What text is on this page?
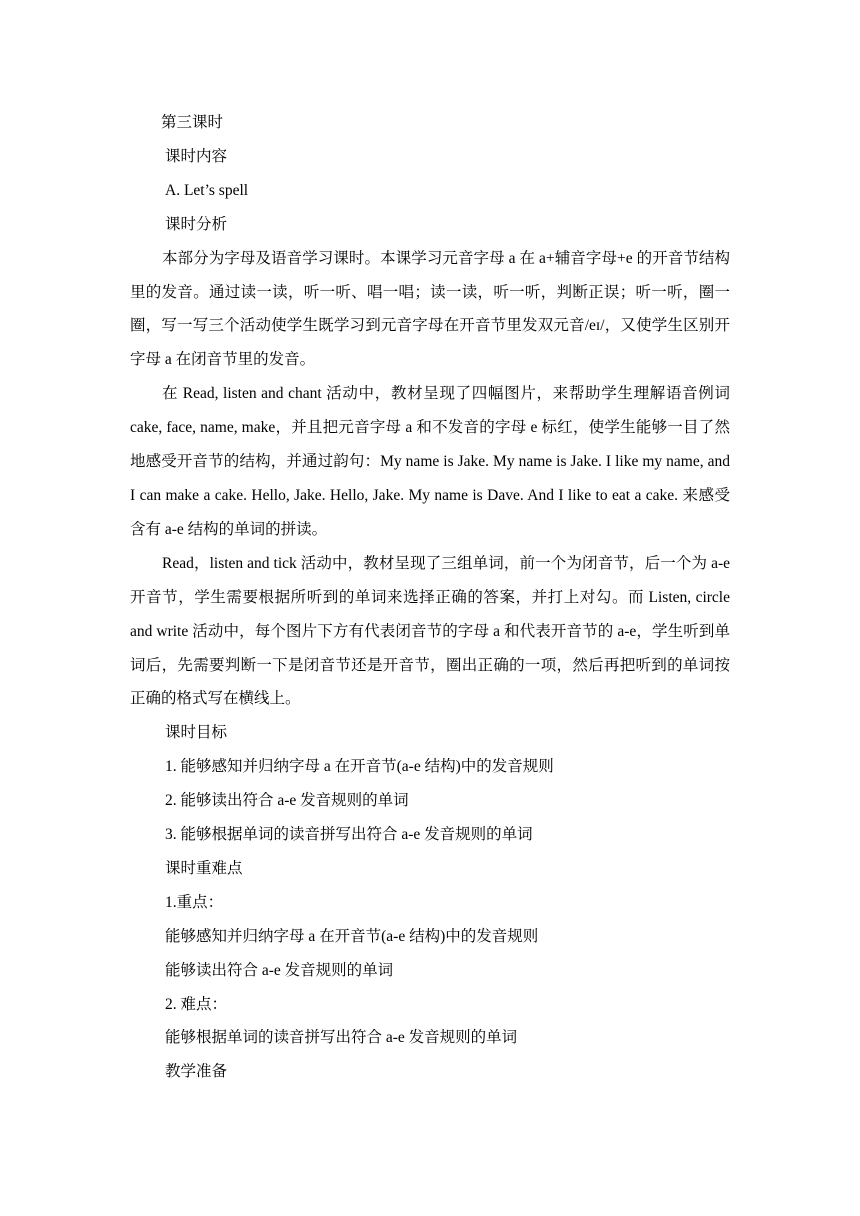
第三课时

课时内容

A. Let’s spell

课时分析

本部分为字母及语音学习课时。本课学习元音字母 a 在 a+辅音字母+e 的开音节结构里的发音。通过读一读，听一听、唱一唱；读一读，听一听，判断正误；听一听，圈一圈，写一写三个活动使学生既学习到元音字母在开音节里发双元音/eɪ/，又使学生区别开字母 a 在闭音节里的发音。

在 Read, listen and chant 活动中，教材呈现了四幅图片，来帮助学生理解语音例词 cake, face, name, make，并且把元音字母 a 和不发音的字母 e 标红，使学生能够一目了然地感受开音节的结构，并通过韵句：My name is Jake. My name is Jake. I like my name, and I can make a cake. Hello, Jake. Hello, Jake. My name is Dave. And I like to eat a cake. 来感受含有 a-e 结构的单词的拼读。

Read，listen and tick 活动中，教材呈现了三组单词，前一个为闭音节，后一个为 a-e 开音节，学生需要根据所听到的单词来选择正确的答案，并打上对勾。而 Listen, circle and write 活动中，每个图片下方有代表闭音节的字母 a 和代表开音节的 a-e，学生听到单词后，先需要判断一下是闭音节还是开音节，圈出正确的一项，然后再把听到的单词按正确的格式写在横线上。

课时目标

1. 能够感知并归纳字母 a 在开音节(a-e 结构)中的发音规则

2. 能够读出符合 a-e 发音规则的单词

3. 能够根据单词的读音拼写出符合 a-e 发音规则的单词

课时重难点

1.重点：

能够感知并归纳字母 a 在开音节(a-e 结构)中的发音规则

能够读出符合 a-e 发音规则的单词

2. 难点：

能够根据单词的读音拼写出符合 a-e 发音规则的单词

教学准备
